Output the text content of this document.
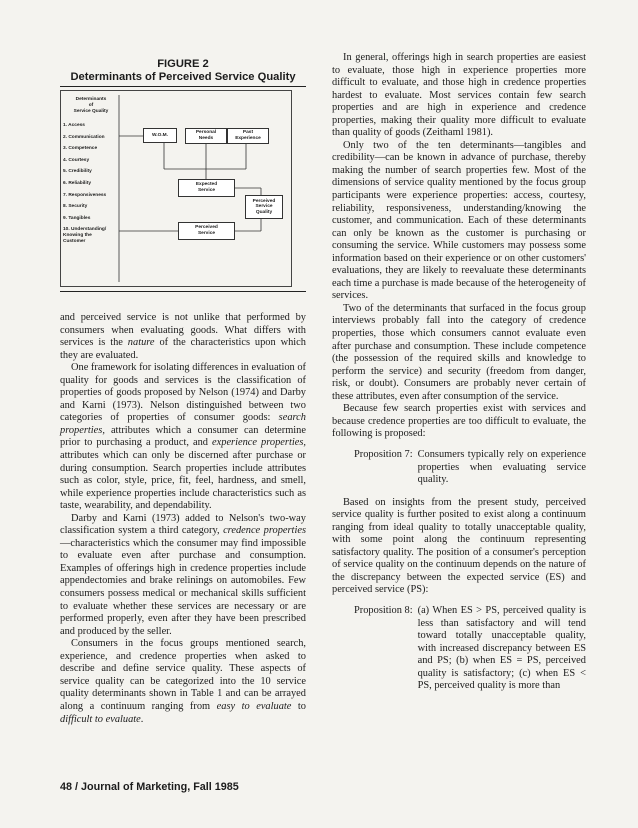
FIGURE 2
Determinants of Perceived Service Quality
Determinants
of
Service Quality
1. Access
2. Communication
3. Competence
4. Courtesy
5. Credibility
6. Reliability
7. Responsiveness
8. Security
9. Tangibles
10. Understanding/
Knowing the
Customer
W.O.M.	Personal
Needs
Past
Experience
Expected
Service
Perceived
Service
Perceived
Service
Quality

and perceived service is not unlike that performed by consumers when evaluating goods. What differs with services is the nature of the characteristics upon which they are evaluated.

One framework for isolating differences in evaluation of quality for goods and services is the classification of properties of goods proposed by Nelson (1974) and Darby and Karni (1973). Nelson distinguished between two categories of properties of consumer goods: search properties, attributes which a consumer can determine prior to purchasing a product, and experience properties, attributes which can only be discerned after purchase or during consumption. Search properties include attributes such as color, style, price, fit, feel, hardness, and smell, while experience properties include characteristics such as taste, wearability, and dependability.

Darby and Karni (1973) added to Nelson's two-way classification system a third category, credence properties—characteristics which the consumer may find impossible to evaluate even after purchase and consumption. Examples of offerings high in credence properties include appendectomies and brake relinings on automobiles. Few consumers possess medical or mechanical skills sufficient to evaluate whether these services are necessary or are performed properly, even after they have been prescribed and produced by the seller.

Consumers in the focus groups mentioned search, experience, and credence properties when asked to describe and define service quality. These aspects of service quality can be categorized into the 10 service quality determinants shown in Table 1 and can be arrayed along a continuum ranging from easy to evaluate to difficult to evaluate.

In general, offerings high in search properties are easiest to evaluate, those high in experience properties more difficult to evaluate, and those high in credence properties hardest to evaluate. Most services contain few search properties and are high in experience and credence properties, making their quality more difficult to evaluate than quality of goods (Zeithaml 1981).

Only two of the ten determinants—tangibles and credibility—can be known in advance of purchase, thereby making the number of search properties few. Most of the dimensions of service quality mentioned by the focus group participants were experience properties: access, courtesy, reliability, responsiveness, understanding/knowing the customer, and communication. Each of these determinants can only be known as the customer is purchasing or consuming the service. While customers may possess some information based on their experience or on other customers' evaluations, they are likely to reevaluate these determinants each time a purchase is made because of the heterogeneity of services.

Two of the determinants that surfaced in the focus group interviews probably fall into the category of credence properties, those which consumers cannot evaluate even after purchase and consumption. These include competence (the possession of the required skills and knowledge to perform the service) and security (freedom from danger, risk, or doubt). Consumers are probably never certain of these attributes, even after consumption of the service.

Because few search properties exist with services and because credence properties are too difficult to evaluate, the following is proposed:

Proposition 7: Consumers typically rely on experience properties when evaluating service quality.

Based on insights from the present study, perceived service quality is further posited to exist along a continuum ranging from ideal quality to totally unacceptable quality, with some point along the continuum representing satisfactory quality. The position of a consumer's perception of service quality on the continuum depends on the nature of the discrepancy between the expected service (ES) and perceived service (PS):

Proposition 8: (a) When ES > PS, perceived quality is less than satisfactory and will tend toward totally unacceptable quality, with increased discrepancy between ES and PS; (b) when ES = PS, perceived quality is satisfactory; (c) when ES < PS, perceived quality is more than
48 / Journal of Marketing, Fall 1985
